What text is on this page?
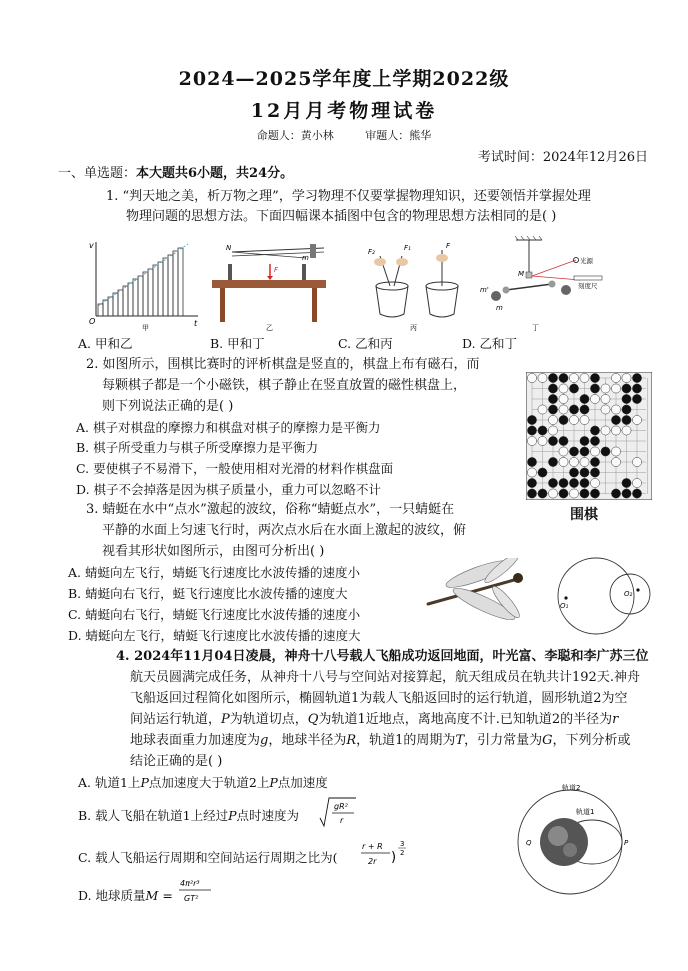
2024—2025学年度上学期2022级
12月月考物理试卷
命题人：黄小林	审题人：熊华
考试时间：2024年12月26日
一、单选题：本大题共6小题，共24分。
1. “判天地之美，析万物之理”，学习物理不仅要掌握物理知识，还要领悟并掌握处理
物理问题的思想方法。下面四幅课本插图中包含的物理思想方法相同的是( )
v
t
O
甲
N
m
F
乙
F₂	F₁	F
丙
M
光源
刻度尺
m'
m
丁
A. 甲和乙	B. 甲和丁	C. 乙和丙	D. 乙和丁
2. 如图所示，围棋比赛时的评析棋盘是竖直的，棋盘上布有磁石，而
每颗棋子都是一个小磁铁，棋子静止在竖直放置的磁性棋盘上，
则下列说法正确的是( )
A. 棋子对棋盘的摩擦力和棋盘对棋子的摩擦力是平衡力
B. 棋子所受重力与棋子所受摩擦力是平衡力
C. 要使棋子不易滑下，一般使用相对光滑的材料作棋盘面
D. 棋子不会掉落是因为棋子质量小，重力可以忽略不计
围棋
3. 蜻蜓在水中“点水”激起的波纹，俗称“蜻蜓点水”，一只蜻蜓在
平静的水面上匀速飞行时，两次点水后在水面上激起的波纹，俯
视看其形状如图所示，由图可分析出( )
A. 蜻蜓向左飞行，蜻蜓飞行速度比水波传播的速度小
B. 蜻蜓向右飞行，蜓飞行速度比水波传播的速度大
C. 蜻蜓向右飞行，蜻蜓飞行速度比水波传播的速度小
D. 蜻蜓向左飞行，蜻蜓飞行速度比水波传播的速度大
O₁
O₂
4. 2024年11月04日凌晨，神舟十八号载人飞船成功返回地面，叶光富、李聪和李广苏三位
航天员圆满完成任务，从神舟十八号与空间站对接算起，航天组成员在轨共计192天.神舟
飞船返回过程简化如图所示，椭圆轨道1为载人飞船返回时的运行轨道，圆形轨道2为空
间站运行轨道，P为轨道切点，Q为轨道1近地点，离地高度不计.已知轨道2的半径为r
地球表面重力加速度为g，地球半径为R，轨道1的周期为T，引力常量为G，下列分析或
结论正确的是( )
A. 轨道1上P点加速度大于轨道2上P点加速度
B. 载人飞船在轨道1上经过P点时速度为
gR²
r
C. 载人飞船运行周期和空间站运行周期之比为(
r + R
2r )
3
2
D. 地球质量M =
4π²r³
GT²
轨道2
轨道1
Q	P
